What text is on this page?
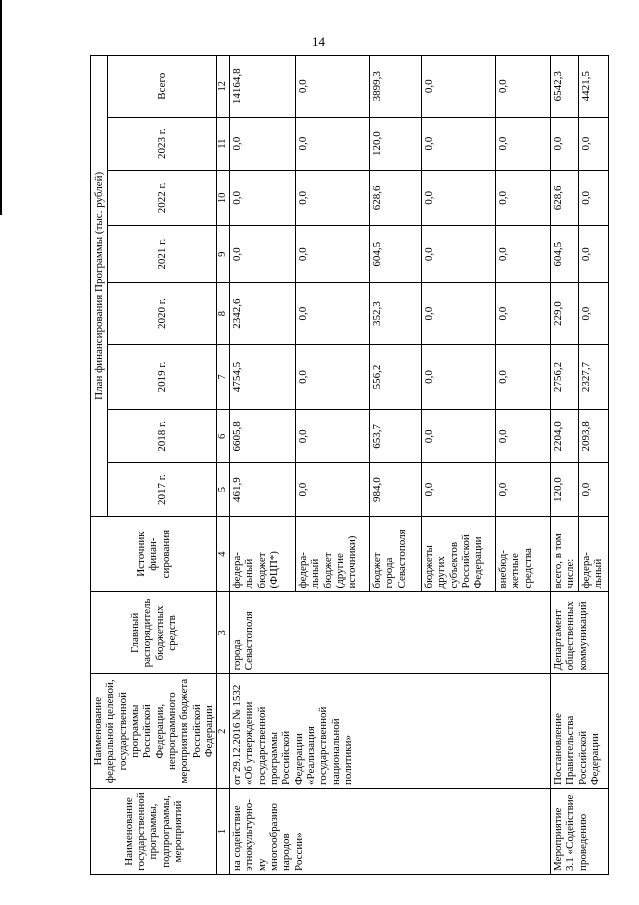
14
Наименование государственной программы, подпрограммы, мероприятий	Наименование федеральной целевой, государственной программы Российской Федерации, непрограммного мероприятия бюджета Российской Федерации	Главный распорядитель бюджетных средств	Источник финан-сирования	План финансирования Программы (тыс. рублей)							
				2017 г.	2018 г.	2019 г.	2020 г.	2021 г.	2022 г.	2023 г.	Всего
1	2	3	4	5	6	7	8	9	10	11	12
на содействие этнокультурно-му многообразию народов России»	от 29.12.2016 № 1532 «Об утверждении государственной программы Российской Федерации «Реализация государственной национальной политики»	города Севастополя	федера-
льный
бюджет
(ФЦП*)	461,9	6605,8	4754,5	2342,6	0,0	0,0	0,0	14164,8
			федера-
льный
бюджет
(другие
источники)	0,0	0,0	0,0	0,0	0,0	0,0	0,0	0,0
			бюджет
города
Севастополя	984,0	653,7	556,2	352,3	604,5	628,6	120,0	3899,3
			бюджеты
других
субъектов
Российской
Федерации	0,0	0,0	0,0	0,0	0,0	0,0	0,0	0,0
			внебюд-
жетные
средства	0,0	0,0	0,0	0,0	0,0	0,0	0,0	0,0
Мероприятие 3.1 «Содействие проведению	Постановление Правительства Российской Федерации	Департамент общественных коммуникаций	всего, в том числе:	120,0	2204,0	2756,2	229,0	604,5	628,6	0,0	6542,3
			федера-
льный	0,0	2093,8	2327,7	0,0	0,0	0,0	0,0	4421,5
